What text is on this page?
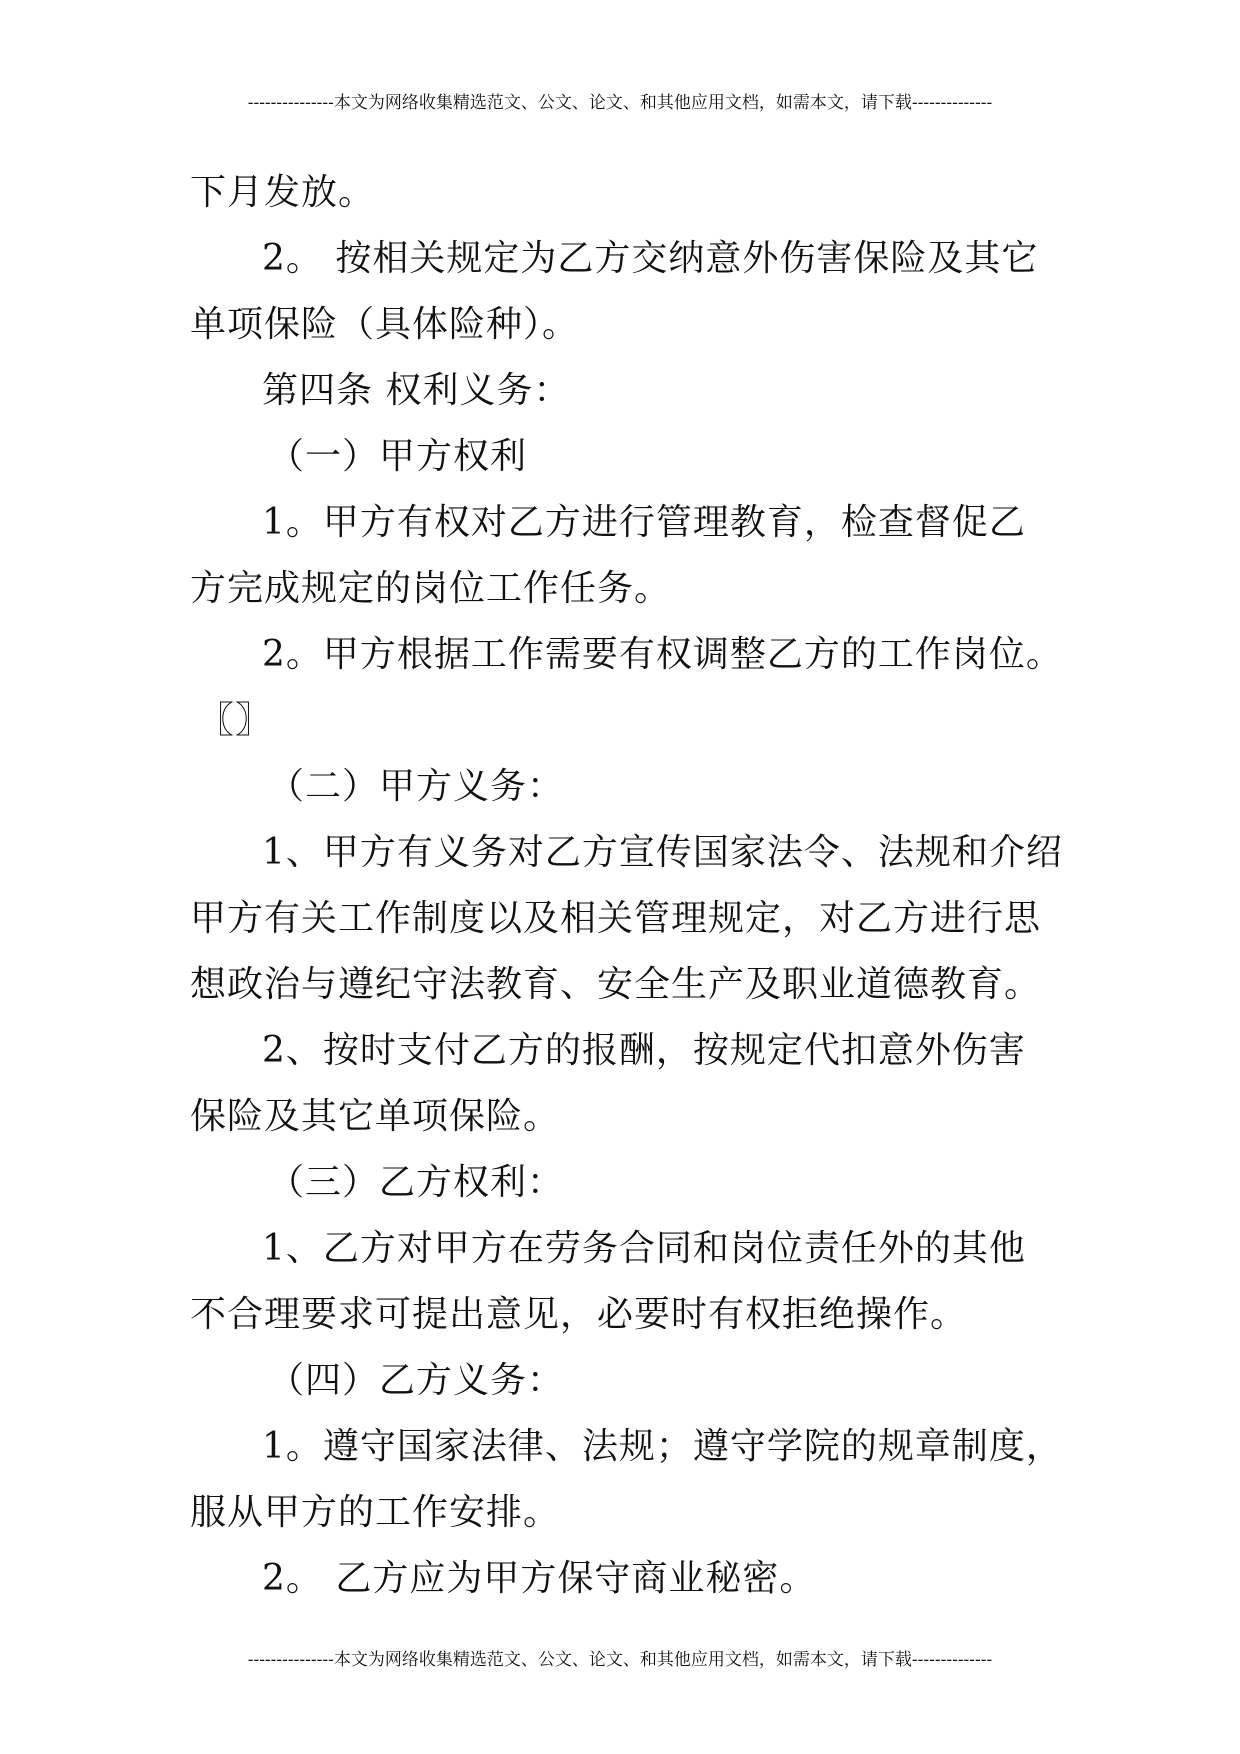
---------------本文为网络收集精选范文、公文、论文、和其他应用文档，如需本文，请下载--------------
下月发放。
2。 按相关规定为乙方交纳意外伤害保险及其它
单项保险（具体险种）。
第四条 权利义务：
（一）甲方权利
1。甲方有权对乙方进行管理教育，检查督促乙
方完成规定的岗位工作任务。
2。甲方根据工作需要有权调整乙方的工作岗位。
〖〗
（二）甲方义务：
1、甲方有义务对乙方宣传国家法令、法规和介绍
甲方有关工作制度以及相关管理规定，对乙方进行思
想政治与遵纪守法教育、安全生产及职业道德教育。
2、按时支付乙方的报酬，按规定代扣意外伤害
保险及其它单项保险。
（三）乙方权利：
1、乙方对甲方在劳务合同和岗位责任外的其他
不合理要求可提出意见，必要时有权拒绝操作。
（四）乙方义务：
1。遵守国家法律、法规；遵守学院的规章制度，
服从甲方的工作安排。
2。 乙方应为甲方保守商业秘密。
---------------本文为网络收集精选范文、公文、论文、和其他应用文档，如需本文，请下载--------------
